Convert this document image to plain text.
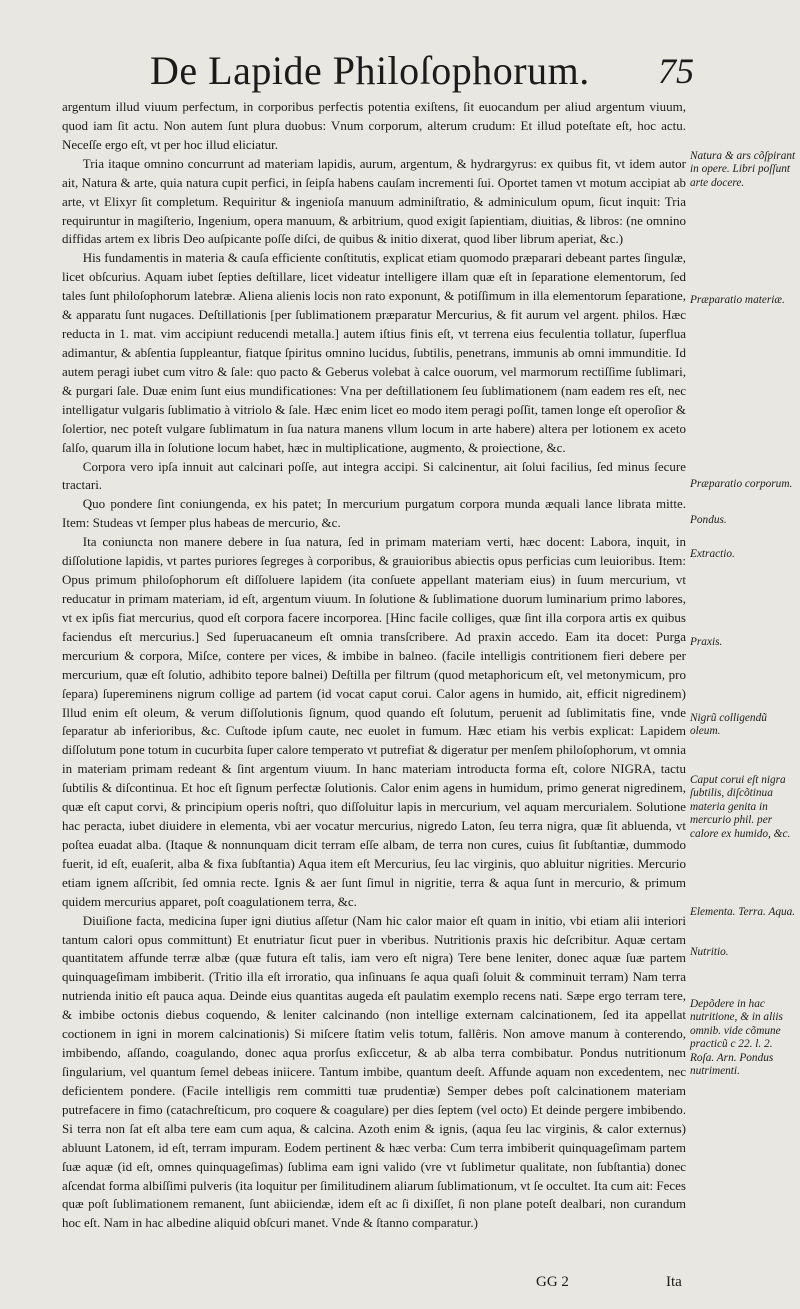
De Lapide Philoſophorum. 75

argentum illud viuum perfectum, in corporibus perfectis potentia exiſtens, ſit euocandum per aliud argentum viuum, quod iam ſit actu. Non autem ſunt plura duobus: Vnum corporum, alterum crudum: Et illud poteſtate eſt, hoc actu. Neceſſe ergo eſt, vt per hoc illud eliciatur.

Tria itaque omnino concurrunt ad materiam lapidis, aurum, argentum, & hydrargyrus: ex quibus fit, vt idem autor ait, Natura & arte, quia natura cupit perfici, in ſeipſa habens cauſam incrementi ſui. Oportet tamen vt motum accipiat ab arte, vt Elixyr ſit completum. Requiritur & ingenioſa manuum adminiſtratio, & adminiculum opum, ſicut inquit: Tria requiruntur in magiſterio, Ingenium, opera manuum, & arbitrium, quod exigit ſapientiam, diuitias, & libros: (ne omnino diffidas artem ex libris Deo auſpicante poſſe diſci, de quibus & initio dixerat, quod liber librum aperiat, &c.)

His fundamentis in materia & cauſa efficiente conſtitutis, explicat etiam quomodo præparari debeant partes ſingulæ, licet obſcurius. Aquam iubet ſepties deſtillare, licet videatur intelligere illam quæ eſt in ſeparatione elementorum, ſed tales ſunt philoſophorum latebræ. Aliena alienis locis non rato exponunt, & potiſſimum in illa elementorum ſeparatione, & apparatu ſunt nugaces. Deſtillationis [per ſublimationem præparatur Mercurius, & fit aurum vel argent. philos. Hæc reducta in 1. mat. vim accipiunt reducendi metalla.] autem iſtius finis eſt, vt terrena eius feculentia tollatur, ſuperflua adimantur, & abſentia ſuppleantur, fiatque ſpiritus omnino lucidus, ſubtilis, penetrans, immunis ab omni immunditie. Id autem peragi iubet cum vitro & ſale: quo pacto & Geberus volebat à calce ouorum, vel marmorum rectiſſime ſublimari, & purgari ſale. Duæ enim ſunt eius mundificationes: Vna per deſtillationem ſeu ſublimationem (nam eadem res eſt, nec intelligatur vulgaris ſublimatio à vitriolo & ſale. Hæc enim licet eo modo item peragi poſſit, tamen longe eſt operoſior & ſolertior, nec poteſt vulgare ſublimatum in ſua natura manens vllum locum in arte habere) altera per lotionem ex aceto ſalſo, quarum illa in ſolutione locum habet, hæc in multiplicatione, augmento, & proiectione, &c.

Corpora vero ipſa innuit aut calcinari poſſe, aut integra accipi. Si calcinentur, ait ſolui facilius, ſed minus ſecure tractari.

Quo pondere ſint coniungenda, ex his patet; In mercurium purgatum corpora munda æquali lance librata mitte. Item: Studeas vt ſemper plus habeas de mercurio, &c.

Ita coniuncta non manere debere in ſua natura, ſed in primam materiam verti, hæc docent: Labora, inquit, in diſſolutione lapidis, vt partes puriores ſegreges à corporibus, & grauioribus abiectis opus perficias cum leuioribus. Item: Opus primum philoſophorum eſt diſſoluere lapidem (ita conſuete appellant materiam eius) in ſuum mercurium, vt reducatur in primam materiam, id eſt, argentum viuum. In ſolutione & ſublimatione duorum luminarium primo labores, vt ex ipſis fiat mercurius, quod eſt corpora facere incorporea. [Hinc facile colliges, quæ ſint illa corpora artis ex quibus faciendus eſt mercurius.] Sed ſuperuacaneum eſt omnia transſcribere. Ad praxin accedo. Eam ita docet: Purga mercurium & corpora, Miſce, contere per vices, & imbibe in balneo. (facile intelligis contritionem fieri debere per mercurium, quæ eſt ſolutio, adhibito tepore balnei) Deſtilla per filtrum (quod metaphoricum eſt, vel metonymicum, pro ſepara) ſupereminens nigrum collige ad partem (id vocat caput corui. Calor agens in humido, ait, efficit nigredinem) Illud enim eſt oleum, & verum diſſolutionis ſignum, quod quando eſt ſolutum, peruenit ad ſublimitatis fine, vnde ſeparatur ab inferioribus, &c. Cuſtode ipſum caute, nec euolet in fumum. Hæc etiam his verbis explicat: Lapidem diſſolutum pone totum in cucurbita ſuper calore temperato vt putrefiat & digeratur per menſem philoſophorum, vt omnia in materiam primam redeant & ſint argentum viuum. In hanc materiam introducta forma eſt, colore NIGRA, tactu ſubtilis & diſcontinua. Et hoc eſt ſignum perfectæ ſolutionis. Calor enim agens in humidum, primo generat nigredinem, quæ eſt caput corvi, & principium operis noſtri, quo diſſoluitur lapis in mercurium, vel aquam mercurialem. Solutione hac peracta, iubet diuidere in elementa, vbi aer vocatur mercurius, nigredo Laton, ſeu terra nigra, quæ ſit abluenda, vt poſtea euadat alba. (Itaque & nonnunquam dicit terram eſſe albam, de terra non cures, cuius ſit ſubſtantiæ, dummodo fuerit, id eſt, euaſerit, alba & fixa ſubſtantia) Aqua item eſt Mercurius, ſeu lac virginis, quo abluitur nigrities. Mercurio etiam ignem aſſcribit, ſed omnia recte. Ignis & aer ſunt ſimul in nigritie, terra & aqua ſunt in mercurio, & primum quidem mercurius apparet, poſt coagulationem terra, &c.

Diuiſione facta, medicina ſuper igni diutius aſſetur (Nam hic calor maior eſt quam in initio, vbi etiam alii interiori tantum calori opus committunt) Et enutriatur ſicut puer in vberibus. Nutritionis praxis hic deſcribitur. Aquæ certam quantitatem affunde terræ albæ (quæ futura eſt talis, iam vero eſt nigra) Tere bene leniter, donec aquæ ſuæ partem quinquageſimam imbiberit. (Tritio illa eſt irroratio, qua inſinuans ſe aqua quaſi ſoluit & comminuit terram) Nam terra nutrienda initio eſt pauca aqua. Deinde eius quantitas augeda eſt paulatim exemplo recens nati. Sæpe ergo terram tere, & imbibe octonis diebus coquendo, & leniter calcinando (non intellige externam calcinationem, ſed ita appellat coctionem in igni in morem calcinationis) Si miſcere ſtatim velis totum, fallêris. Non amove manum à conterendo, imbibendo, aſſando, coagulando, donec aqua prorſus exſiccetur, & ab alba terra combibatur. Pondus nutritionum ſingularium, vel quantum ſemel debeas iniicere. Tantum imbibe, quantum deeſt. Affunde aquam non excedentem, nec deficientem pondere. (Facile intelligis rem committi tuæ prudentiæ) Semper debes poſt calcinationem materiam putrefacere in fimo (catachreſticum, pro coquere & coagulare) per dies ſeptem (vel octo) Et deinde pergere imbibendo. Si terra non ſat eſt alba tere eam cum aqua, & calcina. Azoth enim & ignis, (aqua ſeu lac virginis, & calor externus) abluunt Latonem, id eſt, terram impuram. Eodem pertinent & hæc verba: Cum terra imbiberit quinquageſimam partem ſuæ aquæ (id eſt, omnes quinquageſimas) ſublima eam igni valido (vre vt ſublimetur qualitate, non ſubſtantia) donec aſcendat forma albiſſimi pulveris (ita loquitur per ſimilitudinem aliarum ſublimationum, vt ſe occultet. Ita cum ait: Feces quæ poſt ſublimationem remanent, ſunt abiiciendæ, idem eſt ac ſi dixiſſet, ſi non plane poteſt dealbari, non curandum hoc eſt. Nam in hac albedine aliquid obſcuri manet. Vnde & ſtanno comparatur.)

Natura & ars cõſpirant in opere. Libri poſſunt arte docere.
Præparatio materiæ.
Præparatio corporum.
Pondus.
Extractio.
Praxis.
Nigrũ colligendũ oleum.
Caput corui eſt nigra ſubtilis, diſcõtinua materia genita in mercurio phil. per calore ex humido, &c.
Elementa. Terra. Aqua.
Nutritio.
Depõdere in hac nutritione, & in aliis omnib. vide cõmune practicũ c 22. l. 2. Roſa. Arn. Pondus nutrimenti.
GG 2	Ita
